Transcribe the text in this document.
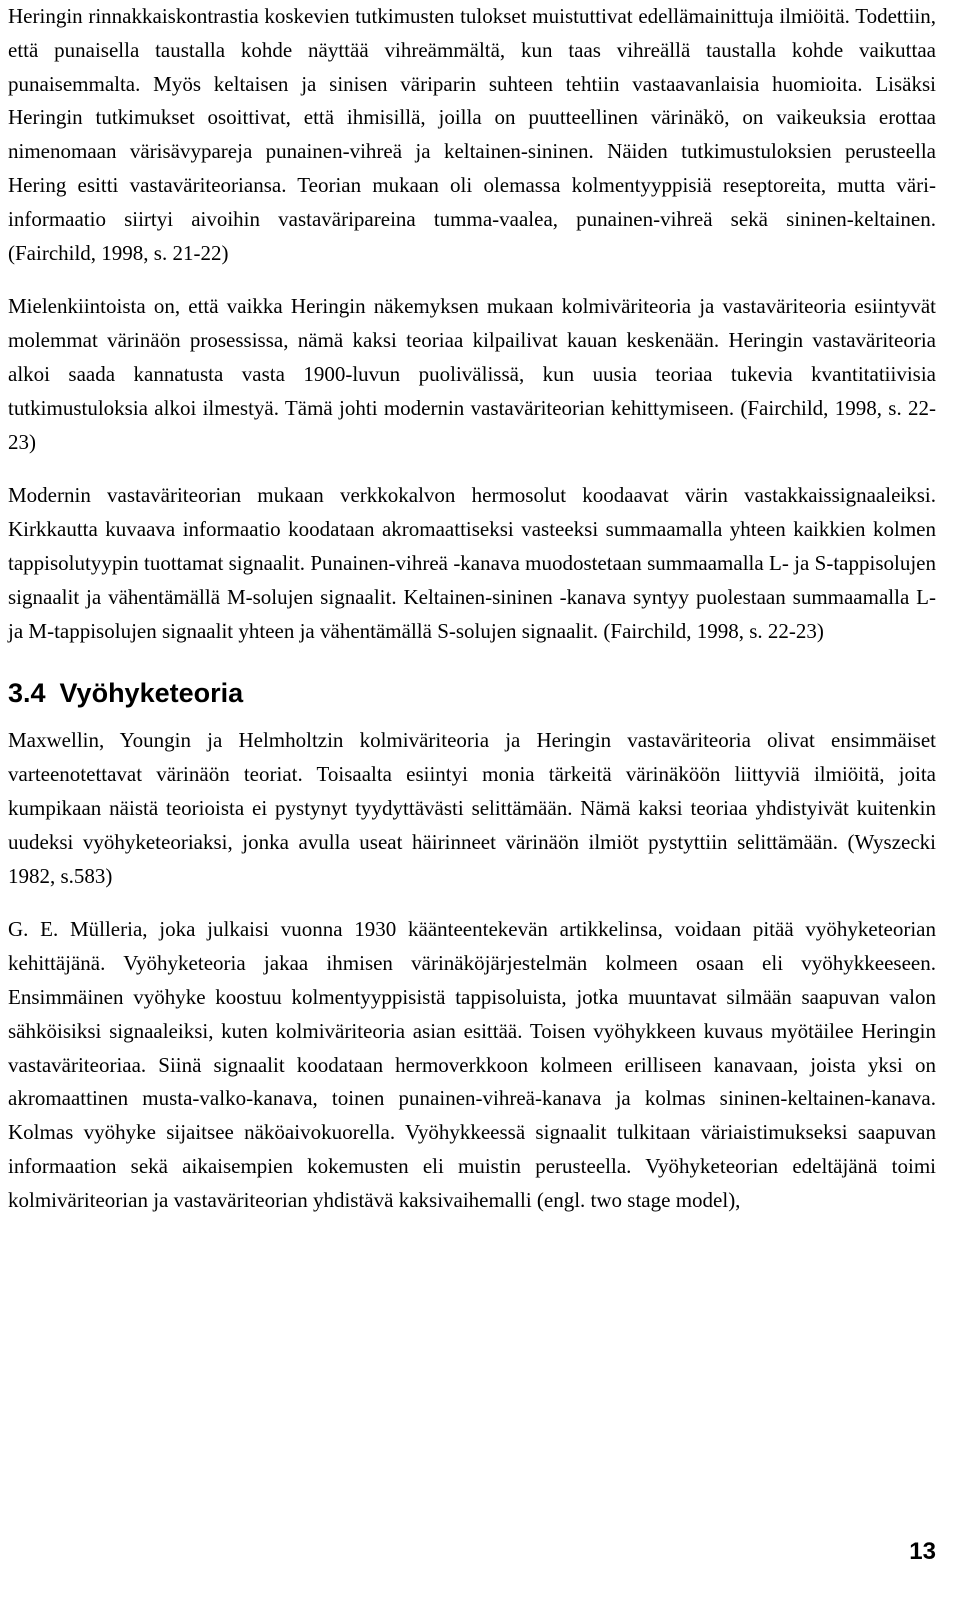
Heringin rinnakkaiskontrastia koskevien tutkimusten tulokset muistuttivat edellämainittuja ilmiöitä. Todettiin, että punaisella taustalla kohde näyttää vihreämmältä, kun taas vihreällä taustalla kohde vaikuttaa punaisemmalta. Myös keltaisen ja sinisen väriparin suhteen tehtiin vastaavanlaisia huomioita. Lisäksi Heringin tutkimukset osoittivat, että ihmisillä, joilla on puutteellinen värinäkö, on vaikeuksia erottaa nimenomaan värisävypareja punainen-vihreä ja keltainen-sininen. Näiden tutkimustuloksien perusteella Hering esitti vastaväriteoriansa. Teorian mukaan oli olemassa kolmentyyppisiä reseptoreita, mutta väri-informaatio siirtyi aivoihin vastaväripareina tumma-vaalea, punainen-vihreä sekä sininen-keltainen. (Fairchild, 1998, s. 21-22)

Mielenkiintoista on, että vaikka Heringin näkemyksen mukaan kolmiväriteoria ja vastaväriteoria esiintyvät molemmat värinäön prosessissa, nämä kaksi teoriaa kilpailivat kauan keskenään. Heringin vastaväriteoria alkoi saada kannatusta vasta 1900-luvun puolivälissä, kun uusia teoriaa tukevia kvantitatiivisia tutkimustuloksia alkoi ilmestyä. Tämä johti modernin vastaväriteorian kehittymiseen. (Fairchild, 1998, s. 22-23)

Modernin vastaväriteorian mukaan verkkokalvon hermosolut koodaavat värin vastakkaissignaaleiksi. Kirkkautta kuvaava informaatio koodataan akromaattiseksi vasteeksi summaamalla yhteen kaikkien kolmen tappisolutyypin tuottamat signaalit. Punainen-vihreä -kanava muodostetaan summaamalla L- ja S-tappisolujen signaalit ja vähentämällä M-solujen signaalit. Keltainen-sininen -kanava syntyy puolestaan summaamalla L- ja M-tappisolujen signaalit yhteen ja vähentämällä S-solujen signaalit. (Fairchild, 1998, s. 22-23)

3.4 Vyöhyketeoria

Maxwellin, Youngin ja Helmholtzin kolmiväriteoria ja Heringin vastaväriteoria olivat ensimmäiset varteenotettavat värinäön teoriat. Toisaalta esiintyi monia tärkeitä värinäköön liittyviä ilmiöitä, joita kumpikaan näistä teorioista ei pystynyt tyydyttävästi selittämään. Nämä kaksi teoriaa yhdistyivät kuitenkin uudeksi vyöhyketeoriaksi, jonka avulla useat häirinneet värinäön ilmiöt pystyttiin selittämään. (Wyszecki 1982, s.583)

G. E. Mülleria, joka julkaisi vuonna 1930 käänteentekevän artikkelinsa, voidaan pitää vyöhyketeorian kehittäjänä. Vyöhyketeoria jakaa ihmisen värinäköjärjestelmän kolmeen osaan eli vyöhykkeeseen. Ensimmäinen vyöhyke koostuu kolmentyyppisistä tappisoluista, jotka muuntavat silmään saapuvan valon sähköisiksi signaaleiksi, kuten kolmiväriteoria asian esittää. Toisen vyöhykkeen kuvaus myötäilee Heringin vastaväriteoriaa. Siinä signaalit koodataan hermoverkkoon kolmeen erilliseen kanavaan, joista yksi on akromaattinen musta-valko-kanava, toinen punainen-vihreä-kanava ja kolmas sininen-keltainen-kanava. Kolmas vyöhyke sijaitsee näköaivokuorella. Vyöhykkeessä signaalit tulkitaan väriaistimukseksi saapuvan informaation sekä aikaisempien kokemusten eli muistin perusteella. Vyöhyketeorian edeltäjänä toimi kolmiväriteorian ja vastaväriteorian yhdistävä kaksivaihemalli (engl. two stage model),

13
